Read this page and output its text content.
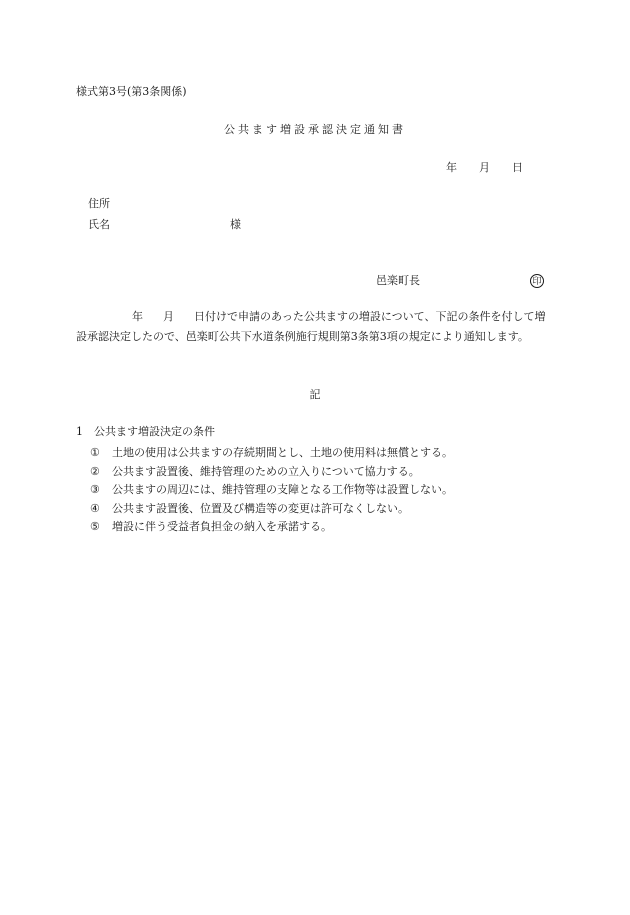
様式第3号(第3条関係)
公共ます増設承認決定通知書
年 月 日
住所
氏名	様
邑楽町長	印
年 月 日付けで申請のあった公共ますの増設について、下記の条件を付して増設承認決定したので、邑楽町公共下水道条例施行規則第3条第3項の規定により通知します。
記
1 公共ます増設決定の条件
① 土地の使用は公共ますの存続期間とし、土地の使用料は無償とする。
② 公共ます設置後、維持管理のための立入りについて協力する。
③ 公共ますの周辺には、維持管理の支障となる工作物等は設置しない。
④ 公共ます設置後、位置及び構造等の変更は許可なくしない。
⑤ 増設に伴う受益者負担金の納入を承諾する。
